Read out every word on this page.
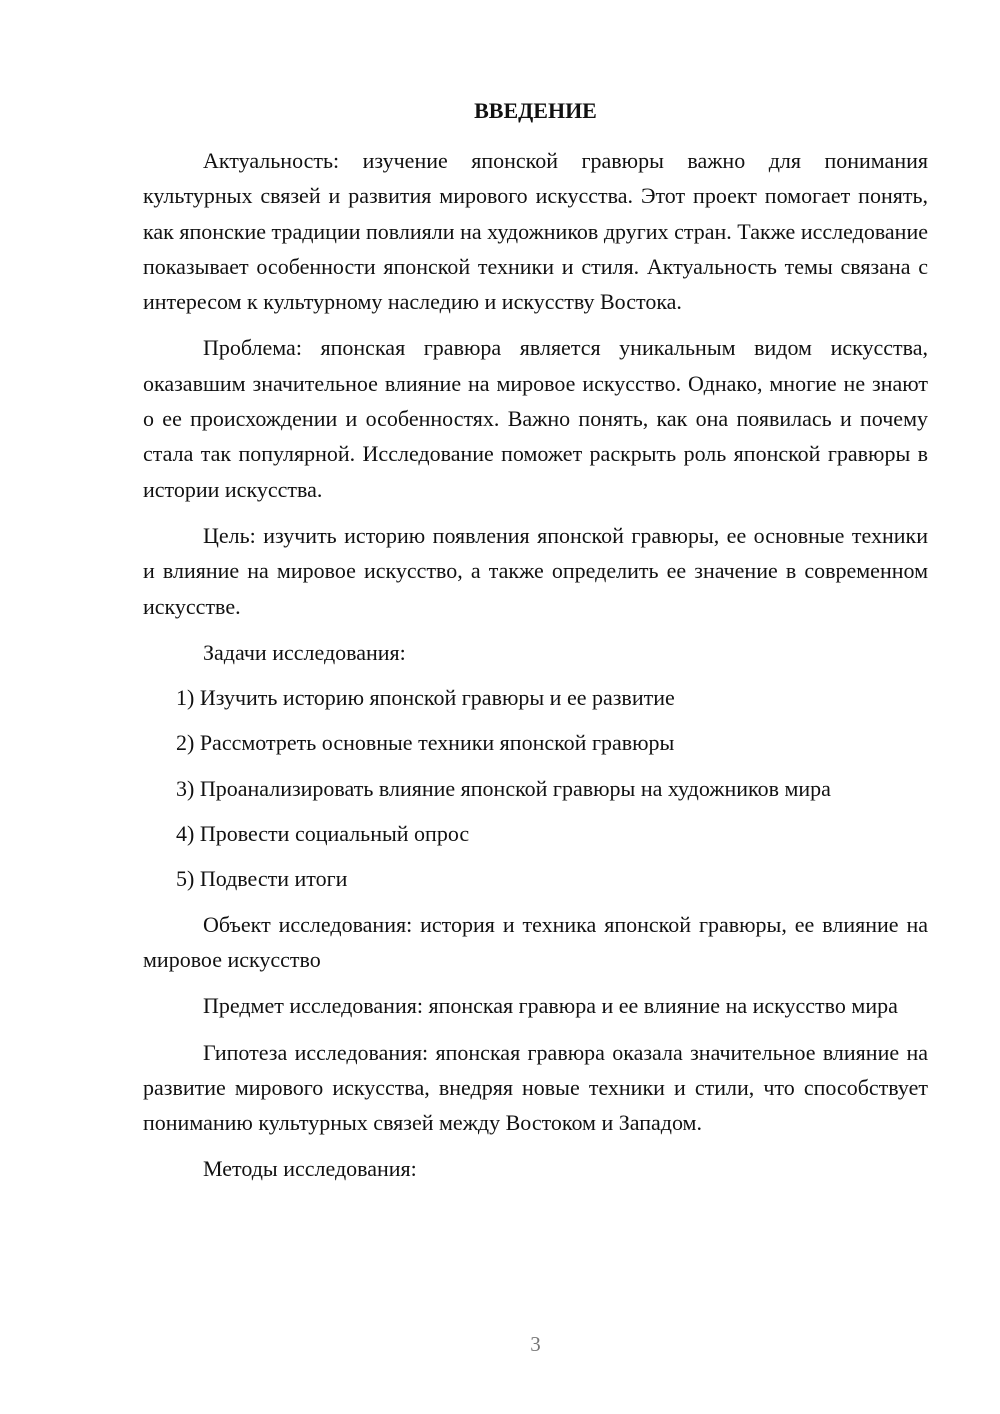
ВВЕДЕНИЕ

Актуальность: изучение японской гравюры важно для понимания культурных связей и развития мирового искусства. Этот проект помогает понять, как японские традиции повлияли на художников других стран. Также исследование показывает особенности японской техники и стиля. Актуальность темы связана с интересом к культурному наследию и искусству Востока.

Проблема: японская гравюра является уникальным видом искусства, оказавшим значительное влияние на мировое искусство. Однако, многие не знают о ее происхождении и особенностях. Важно понять, как она появилась и почему стала так популярной. Исследование поможет раскрыть роль японской гравюры в истории искусства.

Цель: изучить историю появления японской гравюры, ее основные техники и влияние на мировое искусство, а также определить ее значение в современном искусстве.

Задачи исследования:

1) Изучить историю японской гравюры и ее развитие

2) Рассмотреть основные техники японской гравюры

3) Проанализировать влияние японской гравюры на художников мира

4) Провести социальный опрос

5) Подвести итоги

Объект исследования: история и техника японской гравюры, ее влияние на мировое искусство

Предмет исследования: японская гравюра и ее влияние на искусство мира

Гипотеза исследования: японская гравюра оказала значительное влияние на развитие мирового искусства, внедряя новые техники и стили, что способствует пониманию культурных связей между Востоком и Западом.

Методы исследования:

3
